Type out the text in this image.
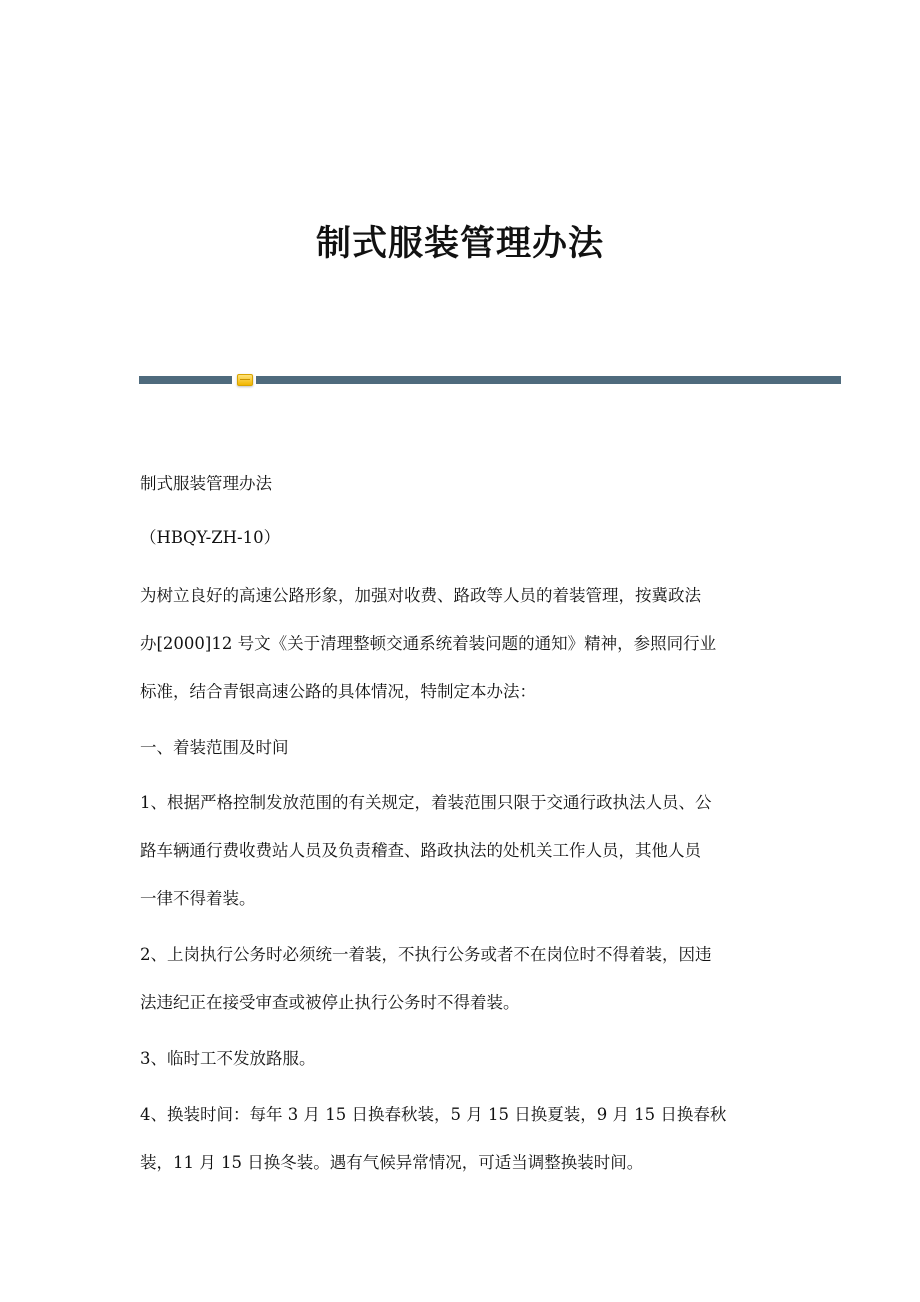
制式服装管理办法
制式服装管理办法
（HBQY-ZH-10）
为树立良好的高速公路形象，加强对收费、路政等人员的着装管理，按冀政法
办[2000]12 号文《关于清理整顿交通系统着装问题的通知》精神，参照同行业
标准，结合青银高速公路的具体情况，特制定本办法：
一、着装范围及时间
1、根据严格控制发放范围的有关规定，着装范围只限于交通行政执法人员、公
路车辆通行费收费站人员及负责稽查、路政执法的处机关工作人员，其他人员
一律不得着装。
2、上岗执行公务时必须统一着装，不执行公务或者不在岗位时不得着装，因违
法违纪正在接受审查或被停止执行公务时不得着装。
3、临时工不发放路服。
4、换装时间：每年 3 月 15 日换春秋装，5 月 15 日换夏装，9 月 15 日换春秋
装，11 月 15 日换冬装。遇有气候异常情况，可适当调整换装时间。
